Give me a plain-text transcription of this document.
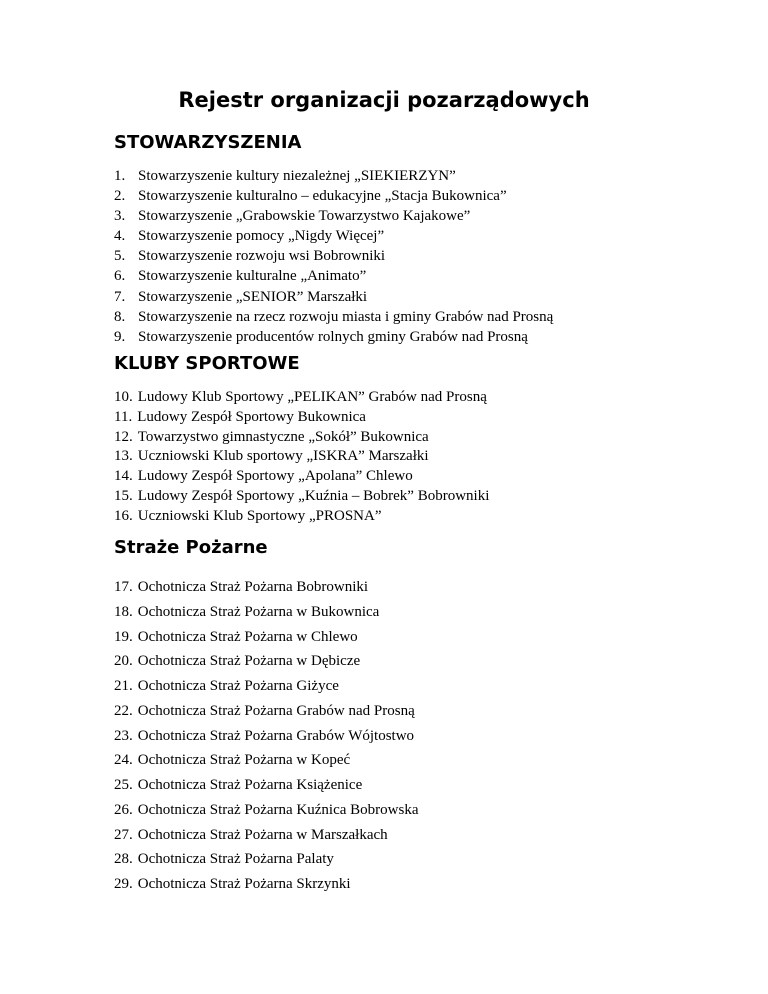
Rejestr organizacji pozarządowych
STOWARZYSZENIA
1. Stowarzyszenie kultury niezależnej „SIEKIERZYN”
2. Stowarzyszenie kulturalno – edukacyjne „Stacja Bukownica”
3. Stowarzyszenie „Grabowskie Towarzystwo Kajakowe”
4. Stowarzyszenie pomocy „Nigdy Więcej”
5. Stowarzyszenie rozwoju wsi Bobrowniki
6. Stowarzyszenie kulturalne „Animato”
7. Stowarzyszenie „SENIOR” Marszałki
8. Stowarzyszenie na rzecz rozwoju miasta i gminy Grabów nad Prosną
9. Stowarzyszenie producentów rolnych gminy Grabów nad Prosną
KLUBY SPORTOWE
10. Ludowy Klub Sportowy „PELIKAN” Grabów nad Prosną
11. Ludowy Zespół Sportowy Bukownica
12. Towarzystwo gimnastyczne „Sokół” Bukownica
13. Uczniowski Klub sportowy „ISKRA” Marszałki
14. Ludowy Zespół Sportowy „Apolana” Chlewo
15. Ludowy Zespół Sportowy „Kuźnia – Bobrek” Bobrowniki
16. Uczniowski Klub Sportowy „PROSNA”
Straże Pożarne
17. Ochotnicza Straż Pożarna Bobrowniki
18. Ochotnicza Straż Pożarna w Bukownica
19. Ochotnicza Straż Pożarna w Chlewo
20. Ochotnicza Straż Pożarna w Dębicze
21. Ochotnicza Straż Pożarna Giżyce
22. Ochotnicza Straż Pożarna Grabów nad Prosną
23. Ochotnicza Straż Pożarna Grabów Wójtostwo
24. Ochotnicza Straż Pożarna w Kopeć
25. Ochotnicza Straż Pożarna Książenice
26. Ochotnicza Straż Pożarna Kuźnica Bobrowska
27. Ochotnicza Straż Pożarna w Marszałkach
28. Ochotnicza Straż Pożarna Palaty
29. Ochotnicza Straż Pożarna Skrzynki
